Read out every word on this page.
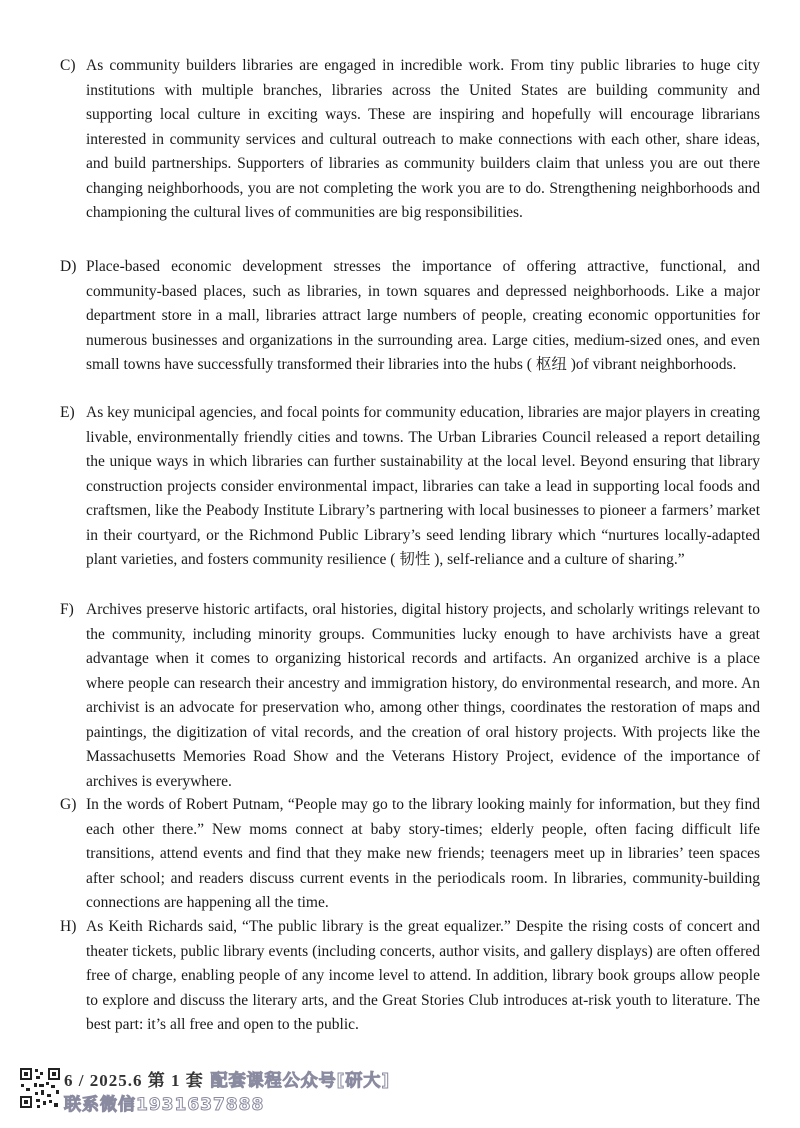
C) As community builders libraries are engaged in incredible work. From tiny public libraries to huge city institutions with multiple branches, libraries across the United States are building community and supporting local culture in exciting ways. These are inspiring and hopefully will encourage librarians interested in community services and cultural outreach to make connections with each other, share ideas, and build partnerships. Supporters of libraries as community builders claim that unless you are out there changing neighborhoods, you are not completing the work you are to do. Strengthening neighborhoods and championing the cultural lives of communities are big responsibilities.
D) Place-based economic development stresses the importance of offering attractive, functional, and community-based places, such as libraries, in town squares and depressed neighborhoods. Like a major department store in a mall, libraries attract large numbers of people, creating economic opportunities for numerous businesses and organizations in the surrounding area. Large cities, medium-sized ones, and even small towns have successfully transformed their libraries into the hubs ( 枢纽 )of vibrant neighborhoods.
E) As key municipal agencies, and focal points for community education, libraries are major players in creating livable, environmentally friendly cities and towns. The Urban Libraries Council released a report detailing the unique ways in which libraries can further sustainability at the local level. Beyond ensuring that library construction projects consider environmental impact, libraries can take a lead in supporting local foods and craftsmen, like the Peabody Institute Library’s partnering with local businesses to pioneer a farmers’ market in their courtyard, or the Richmond Public Library’s seed lending library which “nurtures locally-adapted plant varieties, and fosters community resilience ( 韧性 ), self-reliance and a culture of sharing.”
F) Archives preserve historic artifacts, oral histories, digital history projects, and scholarly writings relevant to the community, including minority groups. Communities lucky enough to have archivists have a great advantage when it comes to organizing historical records and artifacts. An organized archive is a place where people can research their ancestry and immigration history, do environmental research, and more. An archivist is an advocate for preservation who, among other things, coordinates the restoration of maps and paintings, the digitization of vital records, and the creation of oral history projects. With projects like the Massachusetts Memories Road Show and the Veterans History Project, evidence of the importance of archives is everywhere.
G) In the words of Robert Putnam, “People may go to the library looking mainly for information, but they find each other there.” New moms connect at baby story-times; elderly people, often facing difficult life transitions, attend events and find that they make new friends; teenagers meet up in libraries’ teen spaces after school; and readers discuss current events in the periodicals room. In libraries, community-building connections are happening all the time.
H) As Keith Richards said, “The public library is the great equalizer.” Despite the rising costs of concert and theater tickets, public library events (including concerts, author visits, and gallery displays) are often offered free of charge, enabling people of any income level to attend. In addition, library book groups allow people to explore and discuss the literary arts, and the Great Stories Club introduces at-risk youth to literature. The best part: it’s all free and open to the public.
6 / 2025.6 第 1 套 配套课程公众号[研大]
联系微信1931637888
